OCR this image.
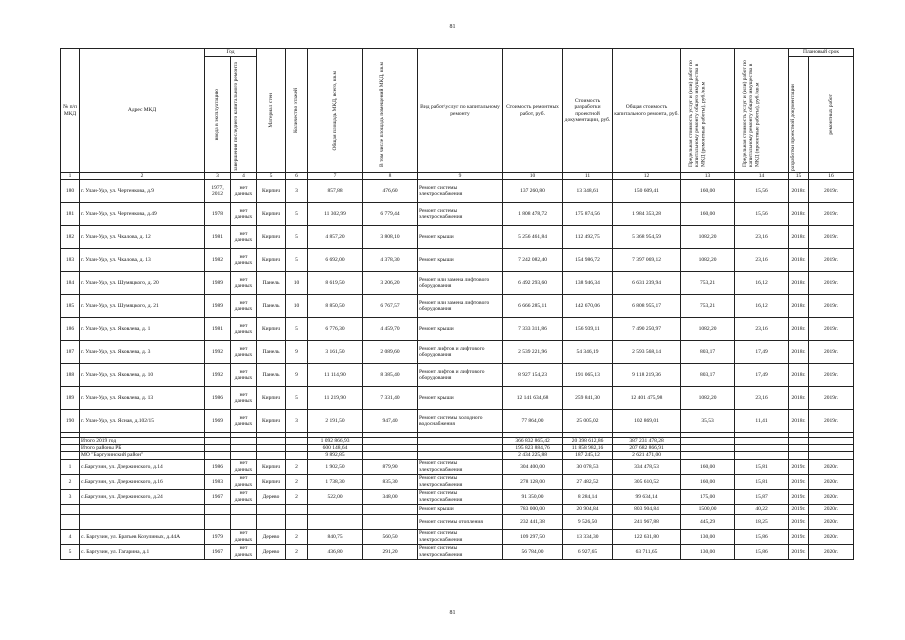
81
№ п/п МКД	Адрес МКД	Год		Материал стен	Количество этажей	Общая площадь МКД, всего, кв.м	В том числе площадь помещений МКД, кв.м	Вид работ\услуг по капитальному ремонту	Стоимость ремонтных работ, руб.	Стоимость разработки проектной документации, руб.	Общая стоимость капитального ремонта, руб.	Предельная стоимость услуг и (или) работ по капитальному ремонту общего имущества в МКД (ремонтные работы), руб./кв.м	Предельная стоимость услуг и (или) работ по капитальному ремонту общего имущества в МКД (проектные работы), руб./кв.м	Плановый срок	

		ввода в эксплуатацию	завершения последнего капитального ремонта											разработки проектной документации	ремонтных работ

1	2	3	4	5	6	7	8	9	10	11	12	13	14	15	16
180	г. Улан-Удэ, ул. Чертенкова, д.9	1977, 2012	нет данных	Кирпич	3	857,88	476,60	Ремонт системы электроснабжения	137 260,80	13 348,61	150 609,41	160,00	15,56	2018г.	2019г.
181	г. Улан-Удэ, ул. Чертенкова, д.49	1978	нет данных	Кирпич	5	11 302,99	6 779,44	Ремонт системы электроснабжения	1 808 478,72	175 874,56	1 984 353,28	160,00	15,56	2018г.	2019г.
182	г. Улан-Удэ, ул. Чкалова, д. 12	1981	нет данных	Кирпич	5	4 857,20	3 808,10	Ремонт крыши	5 256 461,84	112 492,75	5 368 954,59	1082,20	23,16	2018г.	2019г.
183	г. Улан-Удэ, ул. Чкалова, д. 13	1982	нет данных	Кирпич	5	6 692,00	4 378,30	Ремонт крыши	7 242 082,40	154 986,72	7 397 069,12	1082,20	23,16	2018г.	2019г.
184	г. Улан-Удэ, ул. Шумяцкого, д. 20	1989	нет данных	Панель	10	8 619,50	3 206,20	Ремонт или замена лифтового оборудования	6 492 293,60	138 946,34	6 631 239,94	753,21	16,12	2018г.	2019г.
185	г. Улан-Удэ, ул. Шумяцкого, д. 21	1989	нет данных	Панель	10	8 850,50	6 767,57	Ремонт или замена лифтового оборудования	6 666 285,11	142 670,06	6 808 955,17	753,21	16,12	2018г.	2019г.
186	г. Улан-Удэ, ул. Яковлева, д. 1	1981	нет данных	Кирпич	5	6 776,30	4 459,70	Ремонт крыши	7 333 311,86	156 939,11	7 490 250,97	1082,20	23,16	2018г.	2019г.
187	г. Улан-Удэ, ул. Яковлева, д. 3	1992	нет данных	Панель	9	3 161,50	2 089,60	Ремонт лифтов и лифтового оборудования	2 539 221,96	54 346,19	2 593 568,14	803,17	17,49	2018г.	2019г.
188	г. Улан-Удэ, ул. Яковлева, д. 10	1992	нет данных	Панель	9	11 114,90	8 385,40	Ремонт лифтов и лифтового оборудования	8 927 154,23	191 065,13	9 118 219,36	803,17	17,49	2018г.	2019г.
189	г. Улан-Удэ, ул. Яковлева, д. 13	1986	нет данных	Кирпич	5	11 219,90	7 331,40	Ремонт крыши	12 141 634,68	259 841,30	12 401 475,98	1082,20	23,16	2018г.	2019г.
190	г. Улан-Удэ, ул. Ясная, д.102/15	1969	нет данных	Кирпич	3	2 191,50	947,40	Ремонт системы холодного водоснабжения	77 864,00	25 005,02	102 869,01	35,53	11,41	2018г.	2019г.

	Итого 2019 год					1 092 866,93			366 832 865,42	20 398 612,86	387 231 478,28				
	Итого районы РБ					600 148,64			195 823 884,76	11 858 982,16	207 682 866,91				
	МО "Баргузинский район"					9 892,85			2 434 225,88	187 245,12	2 621 471,00				
1	с.Баргузин, ул. Дзержинского, д.14	1986	нет данных	Кирпич	2	1 902,50	879,90	Ремонт системы электроснабжения	304 400,00	30 078,53	334 478,53	160,00	15,81	2019г.	2020г.
2	с.Баргузин, ул. Дзержинского, д.16	1983	нет данных	Кирпич	2	1 738,30	835,30	Ремонт системы электроснабжения	278 128,00	27 482,52	305 610,52	160,00	15,81	2019г.	2020г.
3	с.Баргузин, ул. Дзержинского, д.24	1967	нет данных	Дерево	2	522,00	348,00	Ремонт системы электроснабжения	91 350,00	8 284,14	99 634,14	175,00	15,87	2019г.	2020г.
								Ремонт крыши	783 000,00	20 904,84	803 904,84	1500,00	40,22	2019г.	2020г.
								Ремонт системы отопления	232 441,38	9 526,50	241 967,88	445,29	18,25	2019г.	2020г.
4	с. Баргузин, ул. Братьев Козулиных, д.44А	1979	нет данных	Дерево	2	840,75	560,50	Ремонт системы электроснабжения	109 297,50	13 334,30	122 631,80	130,00	15,86	2019г.	2020г.
5	с. Баргузин, ул. Гагарина, д.1	1967	нет данных	Дерево	2	436,80	291,20	Ремонт системы электроснабжения	56 784,00	6 927,65	63 711,65	130,00	15,86	2019г.	2020г.
81
